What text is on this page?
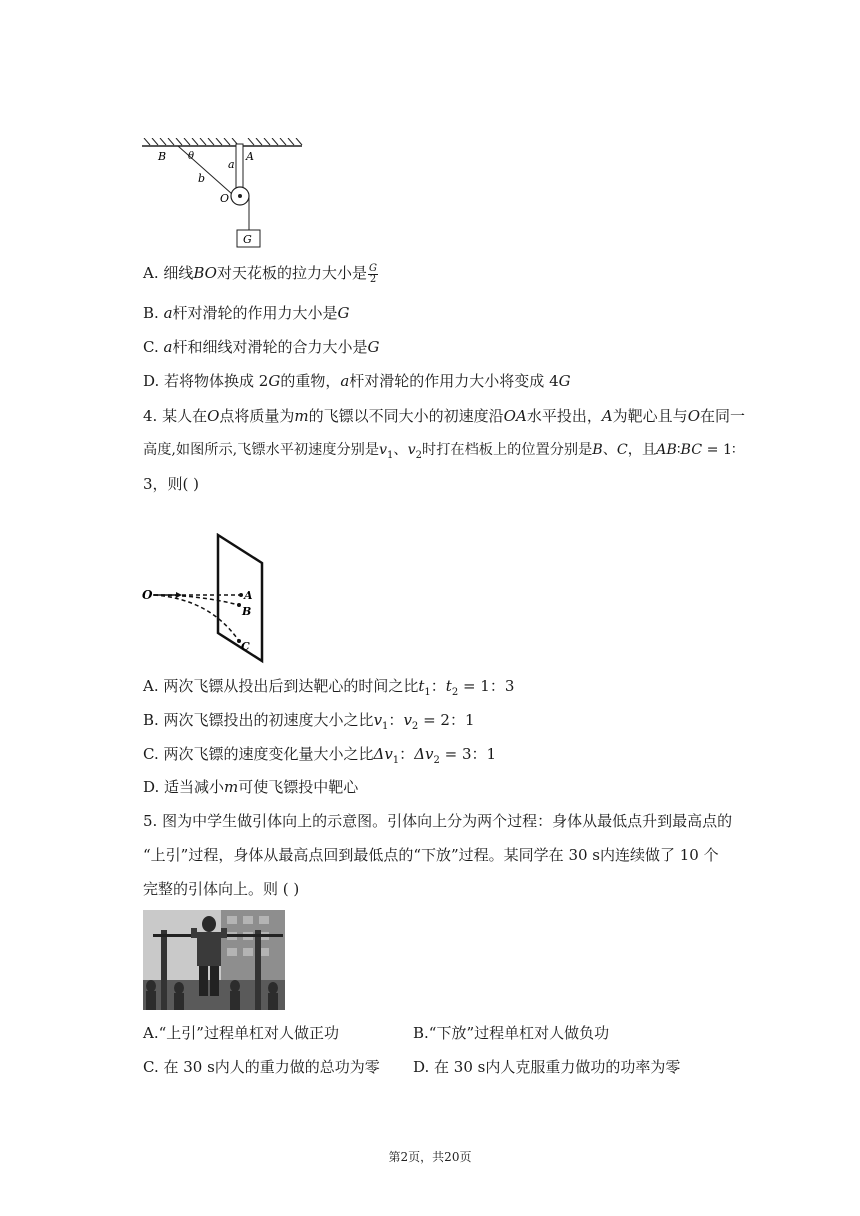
B θ
a
A
b
O
G
A. 细线BO对天花板的拉力大小是 $\frac{G}{2}$
B. a杆对滑轮的作用力大小是G
C. a杆和细线对滑轮的合力大小是G
D. 若将物体换成 2G的重物，a杆对滑轮的作用力大小将变成 4G
4. 某人在O点将质量为m的飞镖以不同大小的初速度沿OA水平投出，A为靶心且与O在同一
高度,如图所示,飞镖水平初速度分别是$v_1$、$v_2$时打在档板上的位置分别是B、C，且AB∶BC = 1∶
3，则( )
O	A
B
C
A. 两次飞镖从投出后到达靶心的时间之比$t_1$：$t_2 = 1$：3
B. 两次飞镖投出的初速度大小之比$v_1$：$v_2 = 2$：1
C. 两次飞镖的速度变化量大小之比$\Delta v_1$：$\Delta v_2 = 3$：1
D. 适当减小m可使飞镖投中靶心
5. 图为中学生做引体向上的示意图。引体向上分为两个过程：身体从最低点升到最高点的
“上引”过程，身体从最高点回到最低点的“下放”过程。某同学在 30 s内连续做了 10 个
完整的引体向上。则 ( )
A.“上引”过程单杠对人做正功	B.“下放”过程单杠对人做负功
C. 在 30 s内人的重力做的总功为零 D. 在 30 s内人克服重力做功的功率为零
第2页，共20页
